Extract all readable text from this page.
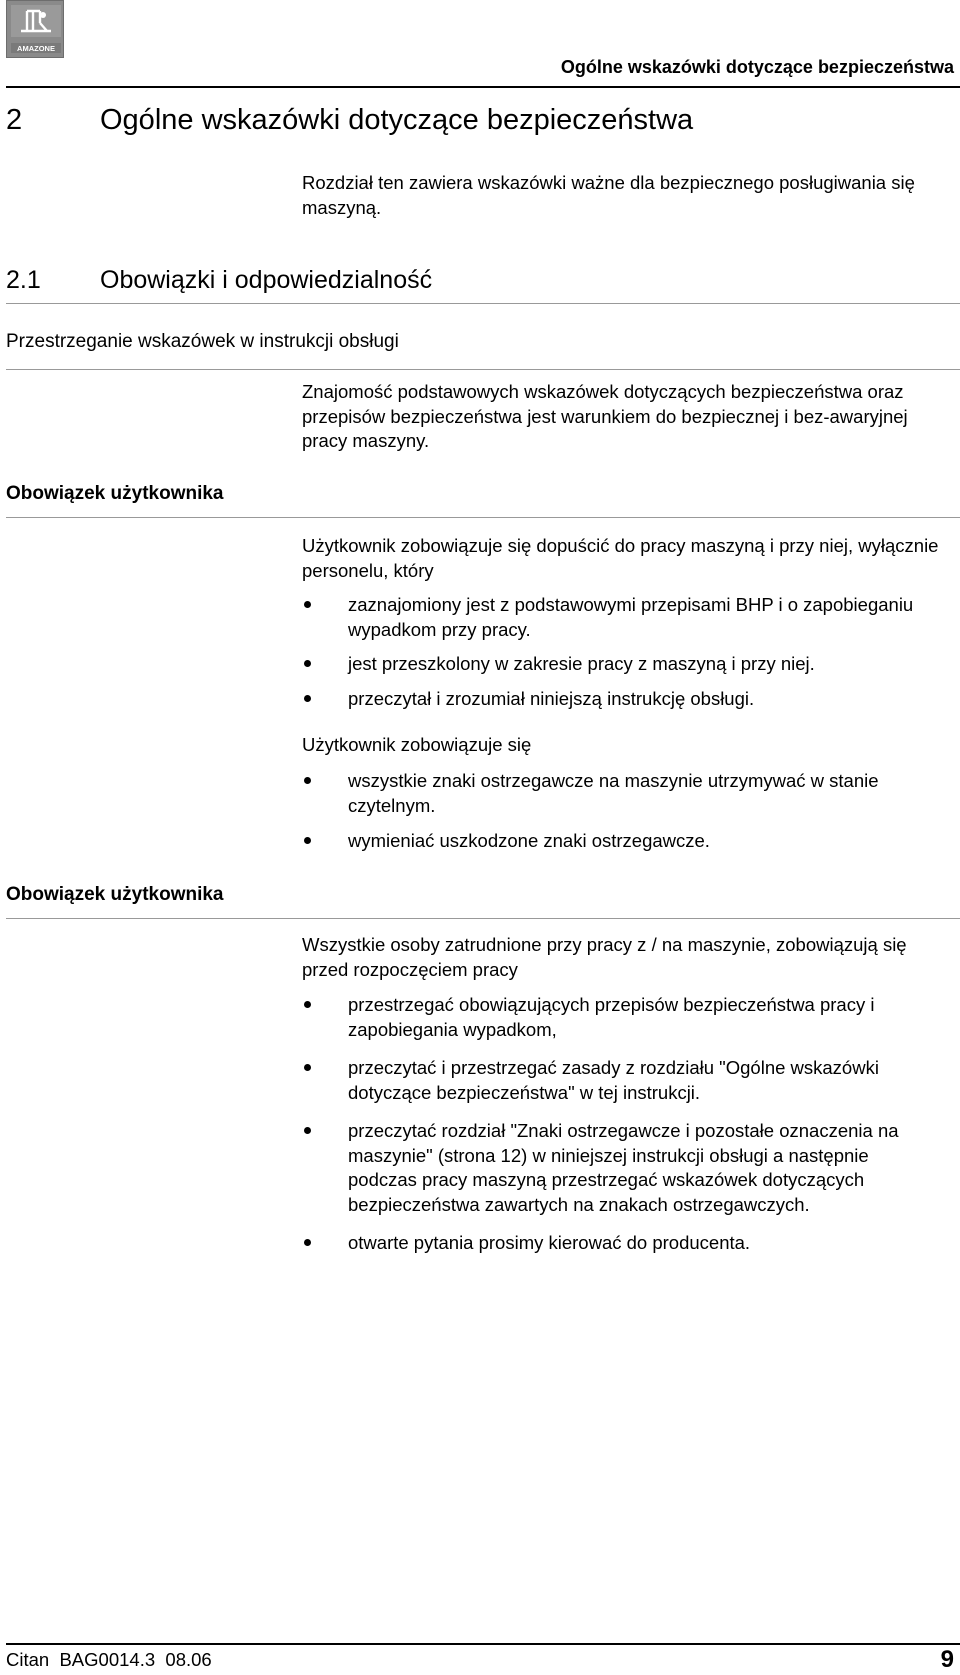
AMAZONE
Ogólne wskazówki dotyczące bezpieczeństwa
2	Ogólne wskazówki dotyczące bezpieczeństwa
Rozdział ten zawiera wskazówki ważne dla bezpiecznego posługiwania się maszyną.
2.1 Obowiązki i odpowiedzialność
Przestrzeganie wskazówek w instrukcji obsługi
Znajomość podstawowych wskazówek dotyczących bezpieczeństwa oraz przepisów bezpieczeństwa jest warunkiem do bezpiecznej i bez-awaryjnej pracy maszyny.
Obowiązek użytkownika
Użytkownik zobowiązuje się dopuścić do pracy maszyną i przy niej, wyłącznie personelu, który
zaznajomiony jest z podstawowymi przepisami BHP i o zapobieganiu wypadkom przy pracy.
jest przeszkolony w zakresie pracy z maszyną i przy niej.
przeczytał i zrozumiał niniejszą instrukcję obsługi.
Użytkownik zobowiązuje się
wszystkie znaki ostrzegawcze na maszynie utrzymywać w stanie czytelnym.
wymieniać uszkodzone znaki ostrzegawcze.
Obowiązek użytkownika
Wszystkie osoby zatrudnione przy pracy z / na maszynie, zobowiązują się przed rozpoczęciem pracy
przestrzegać obowiązujących przepisów bezpieczeństwa pracy i zapobiegania wypadkom,
przeczytać i przestrzegać zasady z rozdziału "Ogólne wskazówki dotyczące bezpieczeństwa" w tej instrukcji.
przeczytać rozdział "Znaki ostrzegawcze i pozostałe oznaczenia na maszynie" (strona 12) w niniejszej instrukcji obsługi a następnie podczas pracy maszyną przestrzegać wskazówek dotyczących bezpieczeństwa zawartych na znakach ostrzegawczych.
otwarte pytania prosimy kierować do producenta.
Citan  BAG0014.3  08.06	9
